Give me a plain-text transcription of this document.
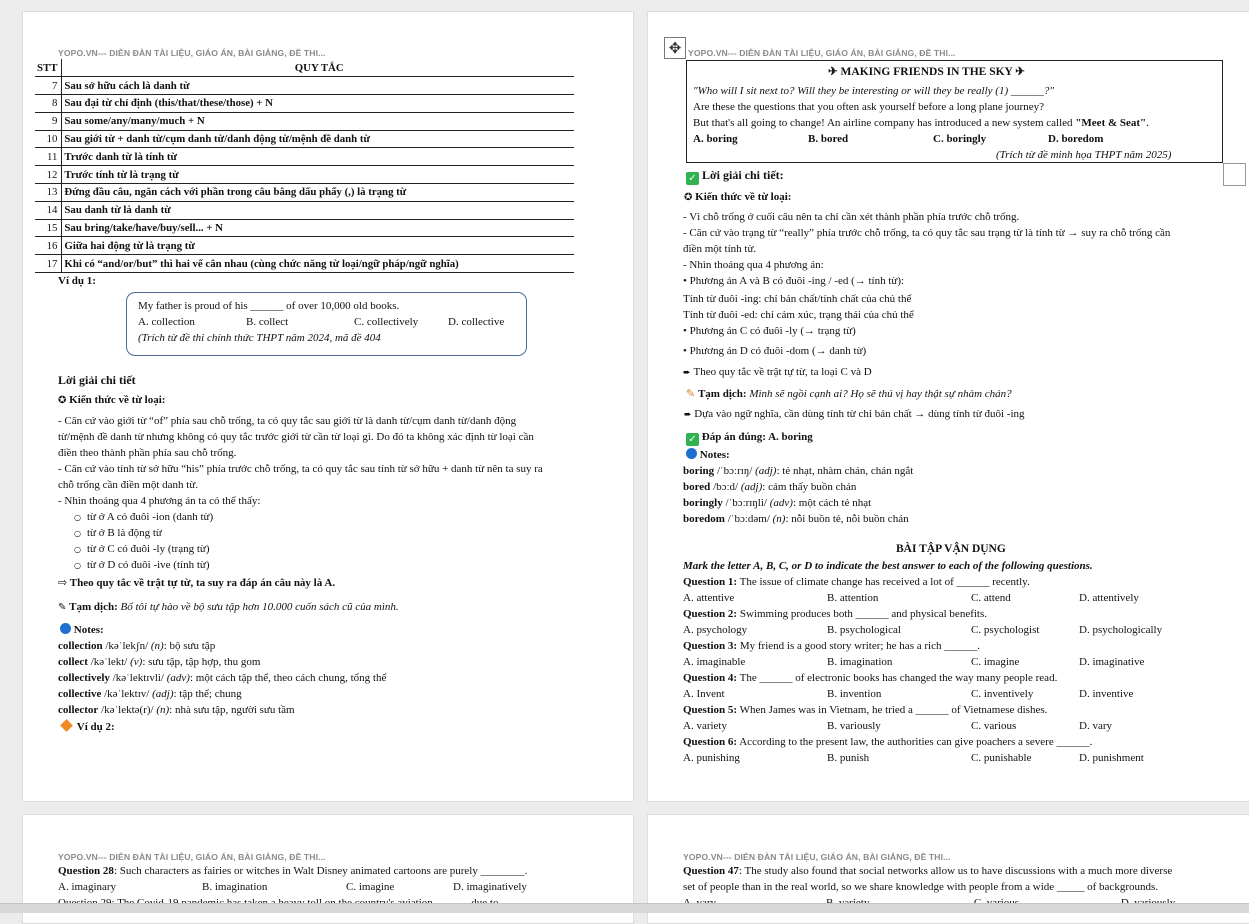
YOPO.VN--- DIỄN ĐÀN TÀI LIỆU, GIÁO ÁN, BÀI GIẢNG, ĐỀ THI...
STT	QUY TẮC
7	Sau sở hữu cách là danh từ
8	Sau đại từ chỉ định (this/that/these/those) + N
9	Sau some/any/many/much + N
10	Sau giới từ + danh từ/cụm danh từ/danh động từ/mệnh đề danh từ
11	Trước danh từ là tính từ
12	Trước tính từ là trạng từ
13	Đứng đầu câu, ngăn cách với phần trong câu bằng dấu phẩy (,) là trạng từ
14	Sau danh từ là danh từ
15	Sau bring/take/have/buy/sell... + N
16	Giữa hai động từ là trạng từ
17	Khi có “and/or/but” thì hai vế cân nhau (cùng chức năng từ loại/ngữ pháp/ngữ nghĩa)
Ví dụ 1:
My father is proud of his ______ of over 10,000 old books.
A. collection	B. collect	C. collectively	D. collective
(Trích từ đề thi chính thức THPT năm 2024, mã đề 404
Lời giải chi tiết
✪ Kiến thức về từ loại:
- Căn cứ vào giới từ “of” phía sau chỗ trống, ta có quy tắc sau giới từ là danh từ/cụm danh từ/danh động
từ/mệnh đề danh từ nhưng không có quy tắc trước giới từ cần từ loại gì. Do đó ta không xác định từ loại cần
điền theo thành phần phía sau chỗ trống.
- Căn cứ vào tính từ sở hữu “his” phía trước chỗ trống, ta có quy tắc sau tính từ sở hữu + danh từ nên ta suy ra
chỗ trống cần điền một danh từ.
- Nhìn thoáng qua 4 phương án ta có thể thấy:
○ từ ở A có đuôi -ion (danh từ)
○ từ ở B là động từ
○ từ ở C có đuôi -ly (trạng từ)
○ từ ở D có đuôi -ive (tính từ)
⇨ Theo quy tắc về trật tự từ, ta suy ra đáp án câu này là A.
✎ Tạm dịch: Bố tôi tự hào về bộ sưu tập hơn 10.000 cuốn sách cũ của mình.
Notes:
collection /kəˈlekʃn/ (n): bộ sưu tập
collect /kəˈlekt/ (v): sưu tập, tập hợp, thu gom
collectively /kəˈlektɪvli/ (adv): một cách tập thể, theo cách chung, tổng thể
collective /kəˈlektɪv/ (adj): tập thể; chung
collector /kəˈlektə(r)/ (n): nhà sưu tập, người sưu tầm
Ví dụ 2:
✥ YOPO.VN--- DIỄN ĐÀN TÀI LIỆU, GIÁO ÁN, BÀI GIẢNG, ĐỀ THI...
✈ MAKING FRIENDS IN THE SKY ✈
"Who will I sit next to? Will they be interesting or will they be really (1) ______?"
Are these the questions that you often ask yourself before a long plane journey?
But that's all going to change! An airline company has introduced a new system called "Meet & Seat".
A. boring	B. bored	C. boringly	D. boredom
(Trích từ đề minh họa THPT năm 2025)
✓ Lời giải chi tiết:
✪ Kiến thức về từ loại:
- Vì chỗ trống ở cuối câu nên ta chỉ cần xét thành phần phía trước chỗ trống.
- Căn cứ vào trạng từ “really” phía trước chỗ trống, ta có quy tắc sau trạng từ là tính từ → suy ra chỗ trống cần
điền một tính từ.
- Nhìn thoáng qua 4 phương án:
• Phương án A và B có đuôi -ing / -ed (→ tính từ):
Tính từ đuôi -ing: chỉ bản chất/tính chất của chủ thể
Tính từ đuôi -ed: chỉ cảm xúc, trạng thái của chủ thể
• Phương án C có đuôi -ly (→ trạng từ)
• Phương án D có đuôi -dom (→ danh từ)
➨ Theo quy tắc về trật tự từ, ta loại C và D
✎ Tạm dịch: Mình sẽ ngồi cạnh ai? Họ sẽ thú vị hay thật sự nhàm chán?
➨ Dựa vào ngữ nghĩa, cần dùng tính từ chỉ bản chất → dùng tính từ đuôi -ing
✓ Đáp án đúng: A. boring
Notes:
boring /ˈbɔːrɪŋ/ (adj): tẻ nhạt, nhàm chán, chán ngắt
bored /bɔːd/ (adj): cảm thấy buồn chán
boringly /ˈbɔːrɪŋli/ (adv): một cách tẻ nhạt
boredom /ˈbɔːdəm/ (n): nỗi buồn tẻ, nỗi buồn chán
BÀI TẬP VẬN DỤNG
Mark the letter A, B, C, or D to indicate the best answer to each of the following questions.
Question 1: The issue of climate change has received a lot of ______ recently.
A. attentive	B. attention	C. attend	D. attentively
Question 2: Swimming produces both ______ and physical benefits.
A. psychology	B. psychological	C. psychologist	D. psychologically
Question 3: My friend is a good story writer; he has a rich ______.
A. imaginable	B. imagination	C. imagine	D. imaginative
Question 4: The ______ of electronic books has changed the way many people read.
A. Invent	B. invention	C. inventively	D. inventive
Question 5: When James was in Vietnam, he tried a ______ of Vietnamese dishes.
A. variety	B. variously	C. various	D. vary
Question 6: According to the present law, the authorities can give poachers a severe ______.
A. punishing	B. punish	C. punishable	D. punishment
YOPO.VN--- DIỄN ĐÀN TÀI LIỆU, GIÁO ÁN, BÀI GIẢNG, ĐỀ THI...
Question 28: Such characters as fairies or witches in Walt Disney animated cartoons are purely ________.
A. imaginary	B. imagination	C. imagine	D. imaginatively
YOPO.VN--- DIỄN ĐÀN TÀI LIỆU, GIÁO ÁN, BÀI GIẢNG, ĐỀ THI...
Question 47: The study also found that social networks allow us to have discussions with a much more diverse
set of people than in the real world, so we share knowledge with people from a wide _____ of backgrounds.
